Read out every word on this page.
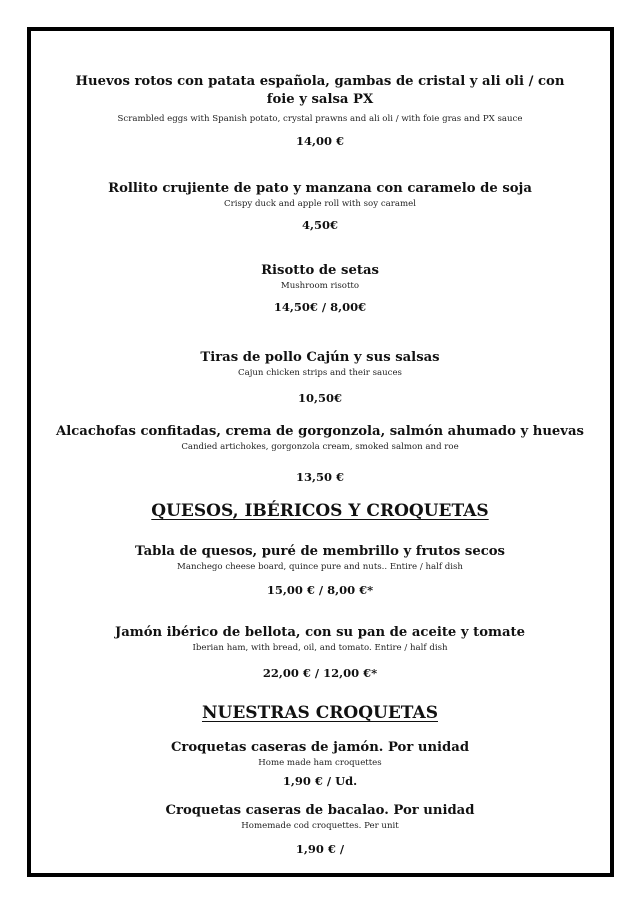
Huevos rotos con patata española, gambas de cristal y ali oli / con foie y salsa PX

Scrambled eggs with Spanish potato, crystal prawns and ali oli / with foie gras and PX sauce

14,00 €

Rollito crujiente de pato y manzana con caramelo de soja

Crispy duck and apple roll with soy caramel

4,50€

Risotto de setas

Mushroom risotto

14,50€ / 8,00€

Tiras de pollo Cajún y sus salsas

Cajun chicken strips and their sauces

10,50€

Alcachofas confitadas, crema de gorgonzola, salmón ahumado y huevas

Candied artichokes, gorgonzola cream, smoked salmon and roe

13,50 €

QUESOS, IBÉRICOS Y CROQUETAS

Tabla de quesos, puré de membrillo y frutos secos

Manchego cheese board, quince pure and nuts.. Entire / half dish

15,00 € / 8,00 €*

Jamón ibérico de bellota, con su pan de aceite y tomate

Iberian ham, with bread, oil, and tomato. Entire / half dish

22,00 € / 12,00 €*

NUESTRAS CROQUETAS

Croquetas caseras de jamón. Por unidad

Home made ham croquettes

1,90 € / Ud.

Croquetas caseras de bacalao. Por unidad

Homemade cod croquettes. Per unit

1,90 € /
